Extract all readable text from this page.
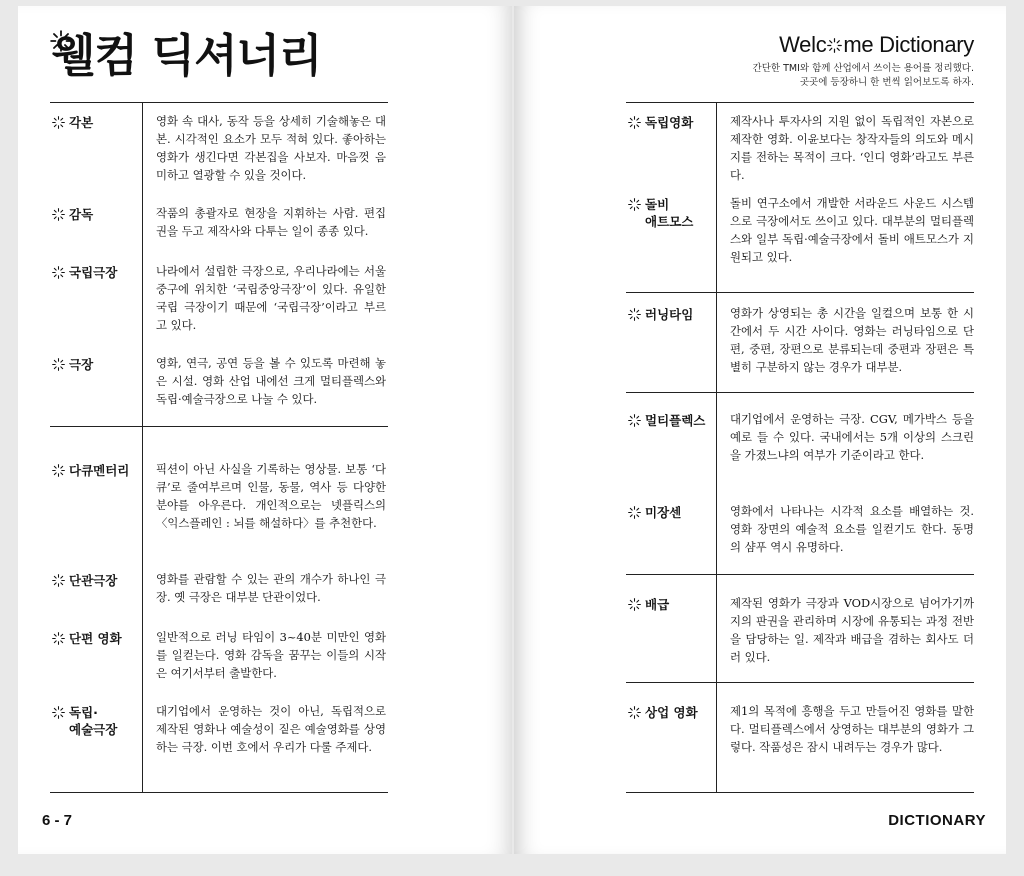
웰컴 딕셔너리
각본	영화 속 대사, 동작 등을 상세히 기술해놓은 대본. 시각적인 요소가 모두 적혀 있다. 좋아하는 영화가 생긴다면 각본집을 사보자. 마음껏 음미하고 열광할 수 있을 것이다.
감독	작품의 총괄자로 현장을 지휘하는 사람. 편집권을 두고 제작사와 다투는 일이 종종 있다.
국립극장	나라에서 설립한 극장으로, 우리나라에는 서울 중구에 위치한 ‘국립중앙극장’이 있다. 유일한 국립 극장이기 때문에 ‘국립극장’이라고 부르고 있다.
극장	영화, 연극, 공연 등을 볼 수 있도록 마련해 놓은 시설. 영화 산업 내에선 크게 멀티플렉스와 독립·예술극장으로 나눌 수 있다.
다큐멘터리 픽션이 아닌 사실을 기록하는 영상물. 보통 ‘다큐’로 줄여부르며 인물, 동물, 역사 등 다양한 분야를 아우른다. 개인적으로는 넷플릭스의 〈익스플레인 : 뇌를 해설하다〉를 추천한다.
단관극장	영화를 관람할 수 있는 관의 개수가 하나인 극장. 옛 극장은 대부분 단관이었다.
단편 영화	일반적으로 러닝 타임이 3~40분 미만인 영화를 일컫는다. 영화 감독을 꿈꾸는 이들의 시작은 여기서부터 출발한다.
독립·
예술극장
대기업에서 운영하는 것이 아닌, 독립적으로 제작된 영화나 예술성이 짙은 예술영화를 상영하는 극장. 이번 호에서 우리가 다룰 주제다.
6 - 7
Welc me Dictionary
간단한 TMI와 함께 산업에서 쓰이는 용어를 정리했다.
곳곳에 등장하니 한 번씩 읽어보도록 하자.
독립영화	제작사나 투자사의 지원 없이 독립적인 자본으로 제작한 영화. 이윤보다는 창작자들의 의도와 메시지를 전하는 목적이 크다. ‘인디 영화’라고도 부른다.
돌비
애트모스
돌비 연구소에서 개발한 서라운드 사운드 시스템으로 극장에서도 쓰이고 있다. 대부분의 멀티플렉스와 일부 독립·예술극장에서 돌비 애트모스가 지원되고 있다.
러닝타임	영화가 상영되는 총 시간을 일컬으며 보통 한 시간에서 두 시간 사이다. 영화는 러닝타임으로 단편, 중편, 장편으로 분류되는데 중편과 장편은 특별히 구분하지 않는 경우가 대부분.
멀티플렉스 대기업에서 운영하는 극장. CGV, 메가박스 등을 예로 들 수 있다. 국내에서는 5개 이상의 스크린을 가졌느냐의 여부가 기준이라고 한다.
미장센	영화에서 나타나는 시각적 요소를 배열하는 것. 영화 장면의 예술적 요소를 일컫기도 한다. 동명의 샴푸 역시 유명하다.
배급	제작된 영화가 극장과 VOD시장으로 넘어가기까지의 판권을 관리하며 시장에 유통되는 과정 전반을 담당하는 일. 제작과 배급을 겸하는 회사도 더러 있다.
상업 영화	제1의 목적에 흥행을 두고 만들어진 영화를 말한다. 멀티플렉스에서 상영하는 대부분의 영화가 그렇다. 작품성은 잠시 내려두는 경우가 많다.
DICTIONARY
